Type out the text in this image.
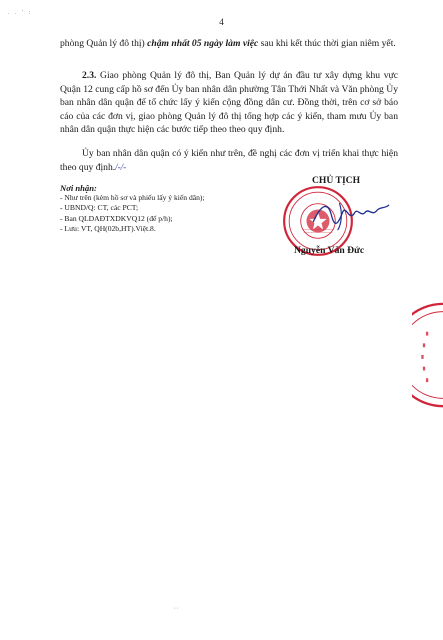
. . ' :
4
phòng Quản lý đô thị) chậm nhất 05 ngày làm việc sau khi kết thúc thời gian niêm yết.
2.3. Giao phòng Quản lý đô thị, Ban Quản lý dự án đầu tư xây dựng khu vực Quận 12 cung cấp hồ sơ đến Ủy ban nhân dân phường Tân Thới Nhất và Văn phòng Ủy ban nhân dân quận để tổ chức lấy ý kiến cộng đồng dân cư. Đồng thời, trên cơ sở báo cáo của các đơn vị, giao phòng Quản lý đô thị tổng hợp các ý kiến, tham mưu Ủy ban nhân dân quận thực hiện các bước tiếp theo theo quy định.
Ủy ban nhân dân quận có ý kiến như trên, đề nghị các đơn vị triển khai thực hiện theo quy định./-/-
Nơi nhận:
- Như trên (kèm hồ sơ và phiếu lấy ý kiến dân);
- UBND/Q: CT, các PCT;
- Ban QLDAĐTXDKVQ12 (để p/h);
- Lưu: VT, QH(02b,HT).Việt.8.
CHỦ TỊCH
Nguyễn Văn Đức
, ,
